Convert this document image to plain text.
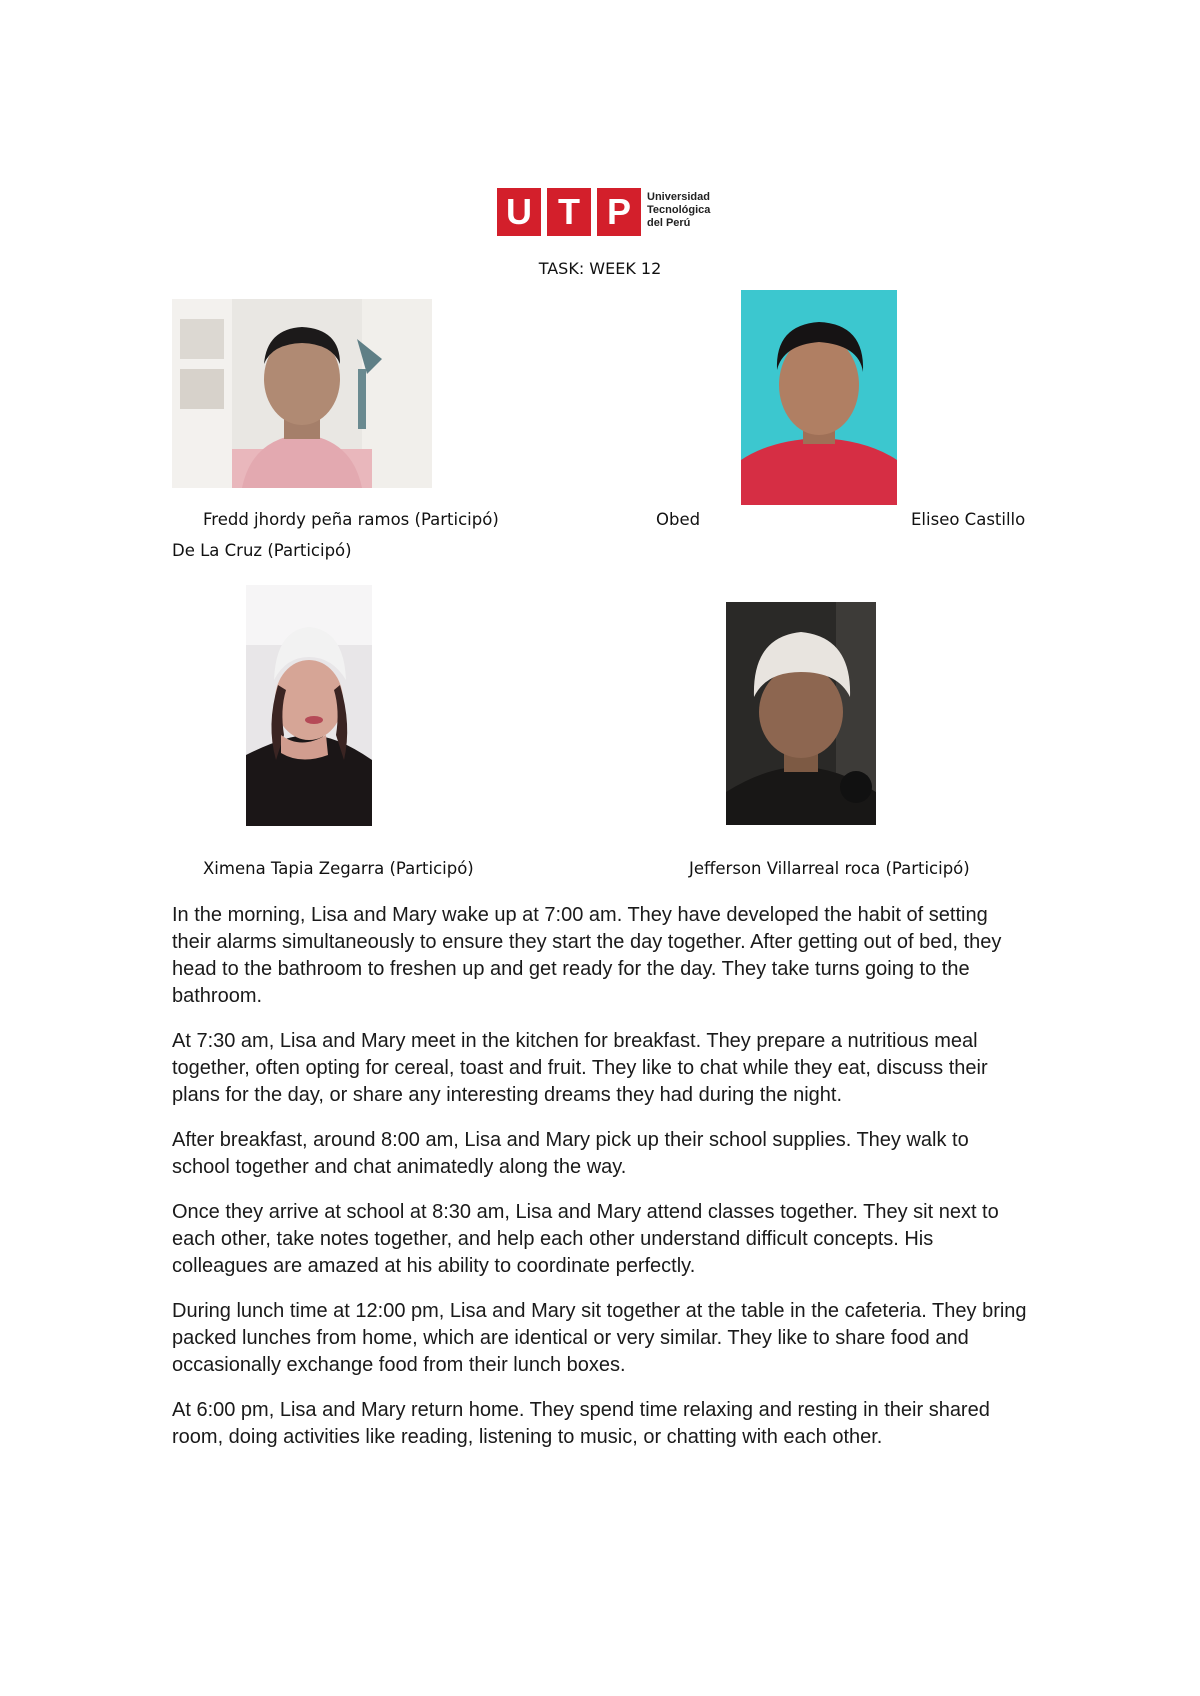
U T P	Universidad
Tecnológica
del Perú
TASK: WEEK 12
Fredd jhordy peña ramos (Participó)	Obed	Eliseo Castillo
De La Cruz (Participó)
Ximena Tapia Zegarra (Participó)	Jefferson Villarreal roca (Participó)

In the morning, Lisa and Mary wake up at 7:00 am. They have developed the habit of setting their alarms simultaneously to ensure they start the day together. After getting out of bed, they head to the bathroom to freshen up and get ready for the day. They take turns going to the bathroom.

At 7:30 am, Lisa and Mary meet in the kitchen for breakfast. They prepare a nutritious meal together, often opting for cereal, toast and fruit. They like to chat while they eat, discuss their plans for the day, or share any interesting dreams they had during the night.

After breakfast, around 8:00 am, Lisa and Mary pick up their school supplies. They walk to school together and chat animatedly along the way.

Once they arrive at school at 8:30 am, Lisa and Mary attend classes together. They sit next to each other, take notes together, and help each other understand difficult concepts. His colleagues are amazed at his ability to coordinate perfectly.

During lunch time at 12:00 pm, Lisa and Mary sit together at the table in the cafeteria. They bring packed lunches from home, which are identical or very similar. They like to share food and occasionally exchange food from their lunch boxes.

At 6:00 pm, Lisa and Mary return home. They spend time relaxing and resting in their shared room, doing activities like reading, listening to music, or chatting with each other.
